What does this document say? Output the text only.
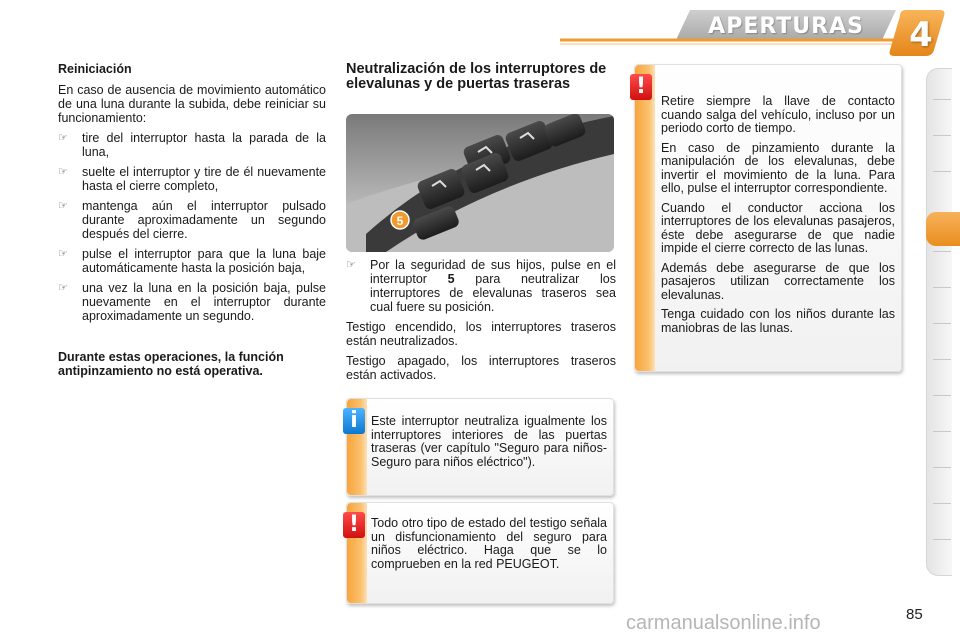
APERTURAS 4
Reiniciación
En caso de ausencia de movimiento automático de una luna durante la subida, debe reiniciar su funcionamiento:
☞ tire del interruptor hasta la parada de la luna,
☞ suelte el interruptor y tire de él nuevamente hasta el cierre completo,
☞ mantenga aún el interruptor pulsado durante aproximadamente un segundo después del cierre.
☞ pulse el interruptor para que la luna baje automáticamente hasta la posición baja,
☞ una vez la luna en la posición baja, pulse nuevamente en el interruptor durante aproximadamente un segundo.
Durante estas operaciones, la función antipinzamiento no está operativa.
Neutralización de los interruptores de elevalunas y de puertas traseras
5
☞ Por la seguridad de sus hijos, pulse en el interruptor 5 para neutralizar los interruptores de elevalunas traseros sea cual fuere su posición.
Testigo encendido, los interruptores traseros están neutralizados.
Testigo apagado, los interruptores traseros están activados.
Este interruptor neutraliza igualmente los interruptores interiores de las puertas traseras (ver capítulo "Seguro para niños-Seguro para niños eléctrico").
i
Todo otro tipo de estado del testigo señala un disfuncionamiento del seguro para niños eléctrico. Haga que se lo comprueben en la red PEUGEOT.
!

Retire siempre la llave de contacto cuando salga del vehículo, incluso por un periodo corto de tiempo.

En caso de pinzamiento durante la manipulación de los elevalunas, debe invertir el movimiento de la luna. Para ello, pulse el interruptor correspondiente.

Cuando el conductor acciona los interruptores de los elevalunas pasajeros, éste debe asegurarse de que nadie impide el cierre correcto de las lunas.

Además debe asegurarse de que los pasajeros utilizan correctamente los elevalunas.

Tenga cuidado con los niños durante las maniobras de las lunas.

!
carmanualsonline.info	85
